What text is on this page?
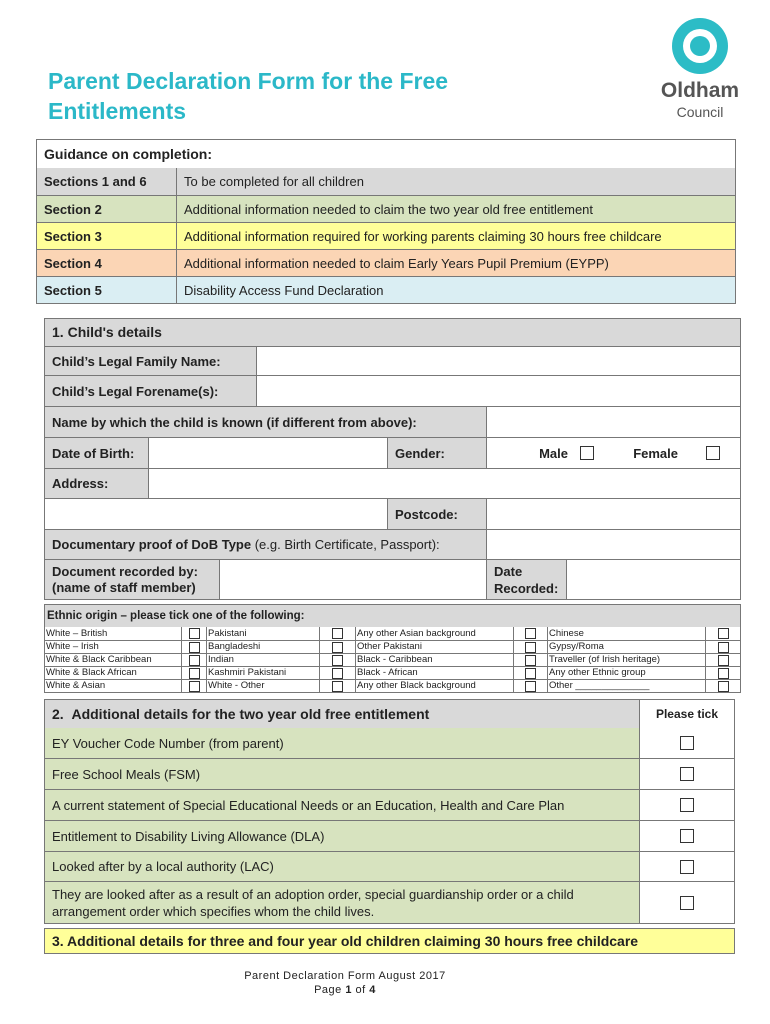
Parent Declaration Form for the Free Entitlements
Oldham
Council
Guidance on completion:
Sections 1 and 6	To be completed for all children
Section 2	Additional information needed to claim the two year old free entitlement
Section 3	Additional information required for working parents claiming 30 hours free childcare
Section 4	Additional information needed to claim Early Years Pupil Premium (EYPP)
Section 5	Disability Access Fund Declaration
1.
Child's details
Child’s Legal Family Name:
Child’s Legal Forename(s):
Name by which the child is known (if different from above):
Date of Birth:	Gender:	Male	Female
Address:
Postcode:
Documentary proof of DoB Type (e.g. Birth Certificate, Passport):
Document recorded by:
(name of staff member)
Date
Recorded:
Ethnic origin – please tick one of the following:
White – British	Pakistani	Any other Asian background	Chinese
White – Irish	Bangladeshi	Other Pakistani	Gypsy/Roma
White & Black Caribbean	Indian	Black - Caribbean	Traveller (of Irish heritage)
White & Black African	Kashmiri Pakistani	Black - African	Any other Ethnic group
White & Asian	White - Other	Any other Black background	Other ______________
2.
Additional details for the two year old free entitlement	Please tick
EY Voucher Code Number (from parent)
Free School Meals (FSM)
A current statement of Special Educational Needs or an Education, Health and Care Plan
Entitlement to Disability Living Allowance (DLA)
Looked after by a local authority (LAC)
They are looked after as a result of an adoption order, special guardianship order or a child arrangement order which specifies whom the child lives.
3. Additional details for three and four year old children claiming 30 hours free childcare
Parent Declaration Form August 2017
Page 1 of 4
